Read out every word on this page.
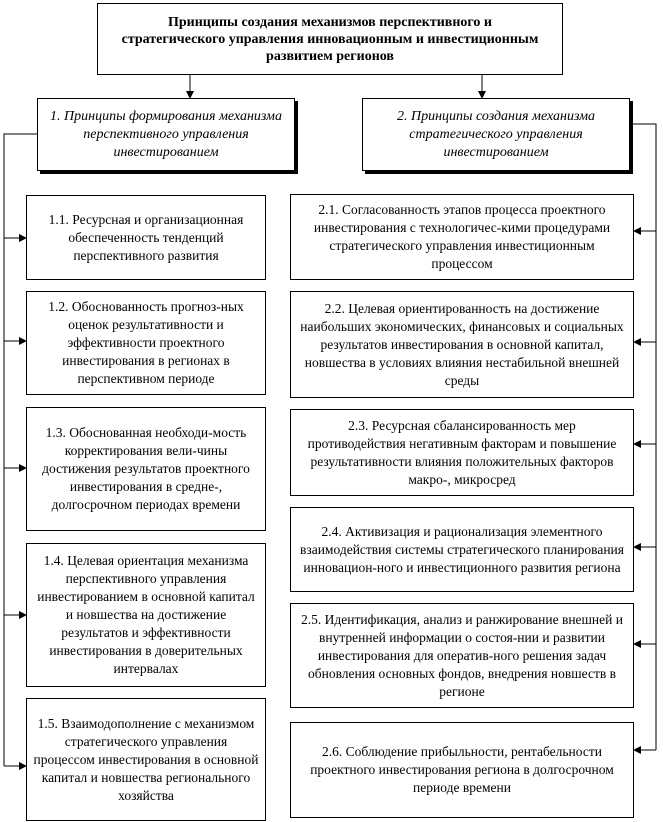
Принципы создания механизмов перспективного и стратегического управления инновационным и инвестиционным развитием регионов
1. Принципы формирования механизма перспективного управления инвестированием
2. Принципы создания механизма стратегического управления инвестированием
1.1. Ресурсная и организационная обеспеченность тенденций перспективного развития
1.2. Обоснованность прогноз-ных оценок результативности и эффективности проектного инвестирования в регионах в перспективном периоде
1.3. Обоснованная необходи-мость корректирования вели-чины достижения результатов проектного инвестирования в средне-, долгосрочном периодах времени
1.4. Целевая ориентация механизма перспективного управления инвестированием в основной капитал и новшества на достижение результатов и эффективности инвестирования в доверительных интервалах
1.5. Взаимодополнение с механизмом стратегического управления процессом инвестирования в основной капитал и новшества регионального хозяйства
2.1. Согласованность этапов процесса проектного инвестирования с технологичес-кими процедурами стратегического управления инвестиционным процессом
2.2. Целевая ориентированность на достижение наибольших экономических, финансовых и социальных результатов инвестирования в основной капитал, новшества в условиях влияния нестабильной внешней среды
2.3. Ресурсная сбалансированность мер противодействия негативным факторам и повышение результативности влияния положительных факторов макро-, микросред
2.4. Активизация и рационализация элементного взаимодействия системы стратегического планирования инновацион-ного и инвестиционного развития региона
2.5. Идентификация, анализ и ранжирование внешней и внутренней информации о состоя-нии и развитии инвестирования для оператив-ного решения задач обновления основных фондов, внедрения новшеств в регионе
2.6. Соблюдение прибыльности, рентабельности проектного инвестирования региона в долгосрочном периоде времени
